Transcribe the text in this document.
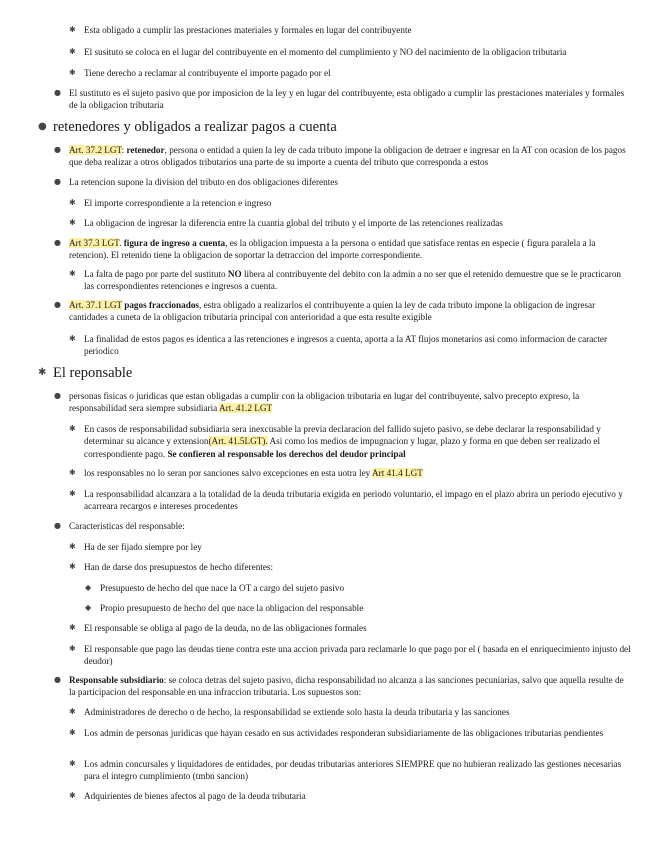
✱ Esta obligado a cumplir las prestaciones materiales y formales en lugar del contribuyente
✱ El susituto se coloca en el lugar del contribuyente en el momento del cumplimiento y NO del nacimiento de la obligacion tributaria
✱ Tiene derecho a reclamar al contribuyente el importe pagado por el
● El sustituto es el sujeto pasivo que por imposicion de la ley y en lugar del contribuyente, esta obligado a cumplir las prestaciones materiales y formales de la obligacion tributaria
● retenedores y obligados a realizar pagos a cuenta
● Art. 37.2 LGT: retenedor, persona o entidad a quien la ley de cada tributo impone la obligacion de detraer e ingresar en la AT con ocasion de los pagos que deba realizar a otros obligados tributarios una parte de su importe a cuenta del tributo que corresponda a estos
● La retencion supone la division del tributo en dos obligaciones diferentes
✱ El importe correspondiente a la retencion e ingreso
✱ La obligacion de ingresar la diferencia entre la cuantia global del tributo y el importe de las retenciones realizadas
● Art 37.3 LGT. figura de ingreso a cuenta, es la obligacion impuesta a la persona o entidad que satisface rentas en especie ( figura paralela a la retencion). El retenido tiene la obligacion de soportar la detraccion del importe correspondiente.
✱ La falta de pago por parte del sustituto NO libera al contribuyente del debito con la admin a no ser que el retenido demuestre que se le practicaron las correspondientes retenciones e ingresos a cuenta.
● Art. 37.1 LGT pagos fraccionados, estra obligado a realizarlos el contribuyente a quien la ley de cada tributo impone la obligacion de ingresar cantidades a cuneta de la obligacion tributaria principal con anterioridad a que esta resulte exigible
✱ La finalidad de estos pagos es identica a las retenciones e ingresos a cuenta, aporta a la AT flujos monetarios asi como informacion de caracter periodico
✱ El reponsable
● personas fisicas o juridicas que estan obligadas a cumplir con la obligacion tributaria en lugar del contribuyente, salvo precepto expreso, la responsabilidad sera siempre subsidiaria Art. 41.2 LGT
✱ En casos de responsabilidad subsidiaria sera inexcusable la previa declaracion del fallido sujeto pasivo, se debe declarar la responsabilidad y determinar su alcance y extension(Art. 41.5LGT). Asi como los medios de impugnacion y lugar, plazo y forma en que deben ser realizado el correspondiente pago. Se confieren al responsable los derechos del deudor principal
✱ los responsables no lo seran por sanciones salvo excepciones en esta uotra ley Art 41.4 LGT
✱ La responsabilidad alcanzara a la totalidad de la deuda tributaria exigida en periodo voluntario, el impago en el plazo abrira un periodo ejecutivo y acarreara recargos e intereses procedentes
● Caracteristicas del responsable:
✱ Ha de ser fijado siempre por ley
✱ Han de darse dos presupuestos de hecho diferentes:
◆ Presupuesto de hecho del que nace la OT a cargo del sujeto pasivo
◆ Propio presupuesto de hecho del que nace la obligacion del responsable
✱ El responsable se obliga al pago de la deuda, no de las obligaciones formales
✱ El responsable que pago las deudas tiene contra este una accion privada para reclamarle lo que pago por el ( basada en el enriquecimiento injusto del deudor)
● Responsable subsidiario: se coloca detras del sujeto pasivo, dicha responsabilidad no alcanza a las sanciones pecuniarias, salvo que aquella resulte de la participacion del responsable en una infraccion tributaria. Los supuestos son:
✱ Administradores de derecho o de hecho, la responsabilidad se extiende solo hasta la deuda tributaria y las sanciones
✱ Los admin de personas juridicas que hayan cesado en sus actividades responderan subsidiariamente de las obligaciones tributarias pendientes
✱ Los admin concursales y liquidadores de entidades, por deudas tributarias anteriores SIEMPRE que no hubieran realizado las gestiones necesarias para el integro cumplimiento (tmbn sancion)
✱ Adquirientes de bienes afectos al pago de la deuda tributaria
